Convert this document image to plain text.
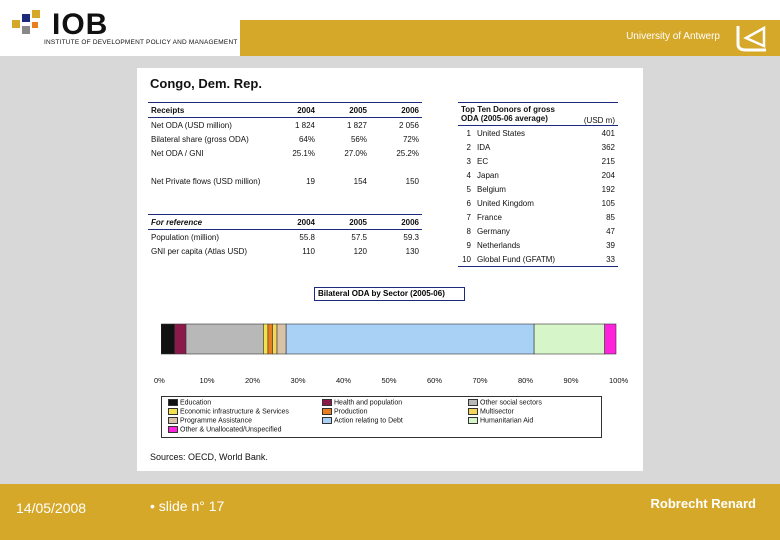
IOB
INSTITUTE OF DEVELOPMENT POLICY AND MANAGEMENT
University of Antwerp
Congo, Dem. Rep.
Receipts	2004	2005	2006
Net ODA (USD million)	1 824	1 827	2 056
Bilateral share (gross ODA)	64%	56%	72%
Net ODA / GNI	25.1%	27.0%	25.2%

Net Private flows (USD million)	19	154	150
For reference	2004	2005	2006
Population (million)	55.8	57.5	59.3
GNI per capita (Atlas USD)	110	120	130
Top Ten Donors of gross
ODA (2005-06 average)		(USD m)
1	United States	401
2	IDA	362
3	EC	215
4	Japan	204
5	Belgium	192
6	United Kingdom	105
7	France	85
8	Germany	47
9	Netherlands	39
10	Global Fund (GFATM)	33
Bilateral ODA by Sector (2005-06)
0%	10%	20%	30%	40%	50%	60%	70%	80%	90%	100%
Education	Health and population	Other social sectors
Economic infrastructure & Services	Production	Multisector
Programme Assistance	Action relating to Debt	Humanitarian Aid
Other & Unallocated/Unspecified
Sources: OECD, World Bank.
14/05/2008	• slide n° 17	Robrecht Renard
